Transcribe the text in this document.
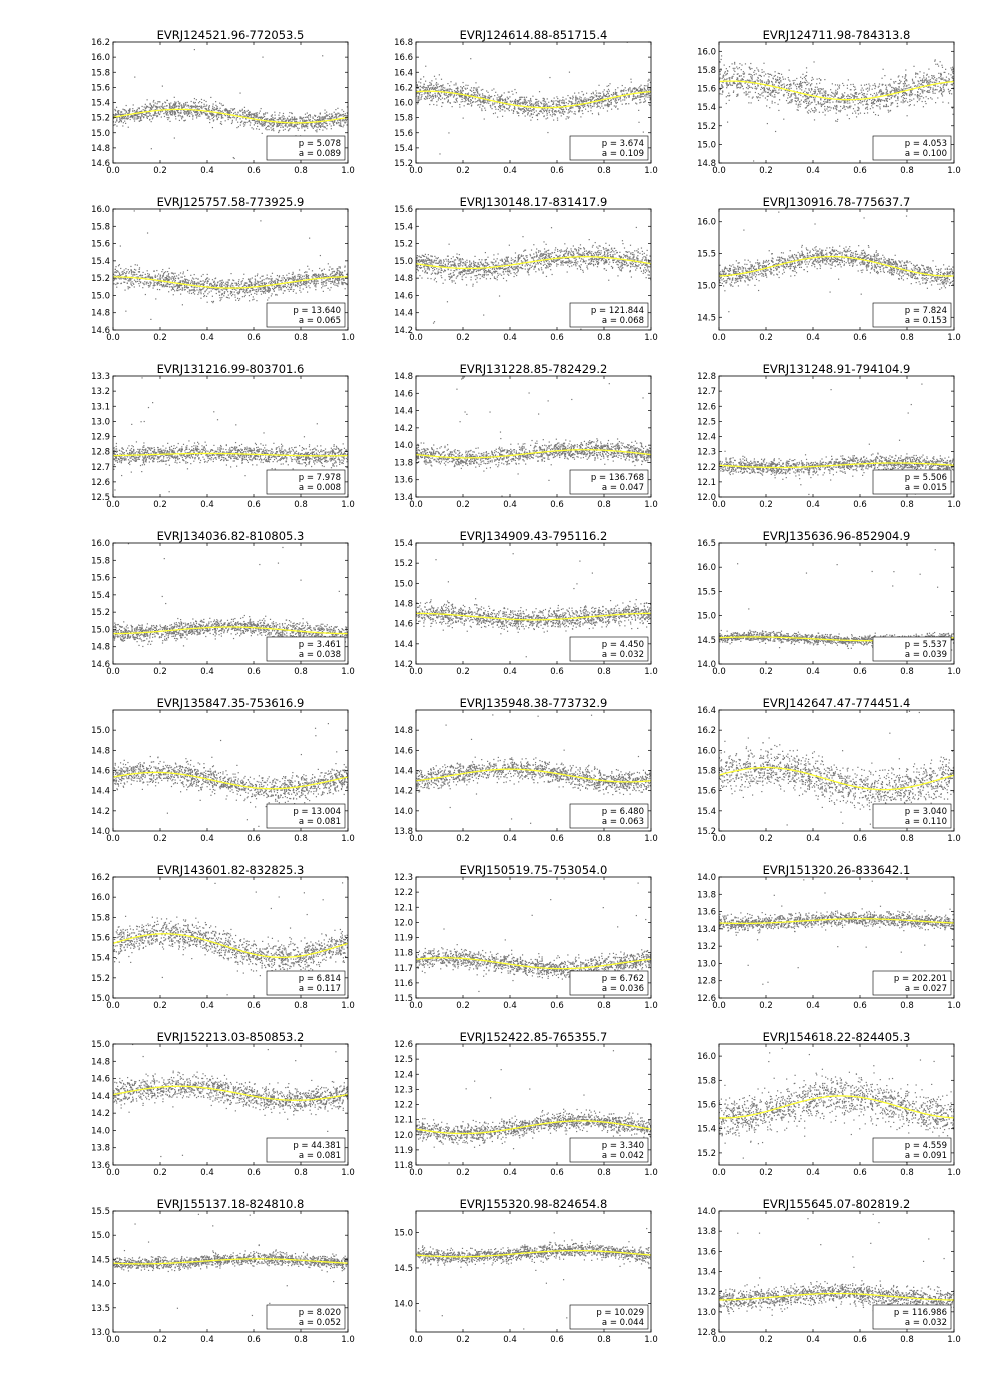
0.0	0.2	0.4	0.6	0.8	1.0
14.6
14.8
15.0
15.2
15.4
15.6
15.8
16.0
16.2
EVRJ124521.96-772053.5
p = 5.078
a = 0.089
0.0	0.2	0.4	0.6	0.8	1.0
15.2
15.4
15.6
15.8
16.0
16.2
16.4
16.6
16.8
EVRJ124614.88-851715.4
p = 3.674
a = 0.109
0.0	0.2	0.4	0.6	0.8	1.0
14.8
15.0
15.2
15.4
15.6
15.8
16.0
EVRJ124711.98-784313.8
p = 4.053
a = 0.100
0.0	0.2	0.4	0.6	0.8	1.0
14.6
14.8
15.0
15.2
15.4
15.6
15.8
16.0
EVRJ125757.58-773925.9
p = 13.640
a = 0.065
0.0	0.2	0.4	0.6	0.8	1.0
14.2
14.4
14.6
14.8
15.0
15.2
15.4
15.6
EVRJ130148.17-831417.9
p = 121.844
a = 0.068
0.0	0.2	0.4	0.6	0.8	1.0
14.5
15.0
15.5
16.0
EVRJ130916.78-775637.7
p = 7.824
a = 0.153
0.0	0.2	0.4	0.6	0.8	1.0
12.5
12.6
12.7
12.8
12.9
13.0
13.1
13.2
13.3
EVRJ131216.99-803701.6
p = 7.978
a = 0.008
0.0	0.2	0.4	0.6	0.8	1.0
13.4
13.6
13.8
14.0
14.2
14.4
14.6
14.8
EVRJ131228.85-782429.2
p = 136.768
a = 0.047
0.0	0.2	0.4	0.6	0.8	1.0
12.0
12.1
12.2
12.3
12.4
12.5
12.6
12.7
12.8
EVRJ131248.91-794104.9
p = 5.506
a = 0.015
0.0	0.2	0.4	0.6	0.8	1.0
14.6
14.8
15.0
15.2
15.4
15.6
15.8
16.0
EVRJ134036.82-810805.3
p = 3.461
a = 0.038
0.0	0.2	0.4	0.6	0.8	1.0
14.2
14.4
14.6
14.8
15.0
15.2
15.4
EVRJ134909.43-795116.2
p = 4.450
a = 0.032
0.0	0.2	0.4	0.6	0.8	1.0
14.0
14.5
15.0
15.5
16.0
16.5
EVRJ135636.96-852904.9
p = 5.537
a = 0.039
0.0	0.2	0.4	0.6	0.8	1.0
14.0
14.2
14.4
14.6
14.8
15.0
EVRJ135847.35-753616.9
p = 13.004
a = 0.081
0.0	0.2	0.4	0.6	0.8	1.0
13.8
14.0
14.2
14.4
14.6
14.8
EVRJ135948.38-773732.9
p = 6.480
a = 0.063
0.0	0.2	0.4	0.6	0.8	1.0
15.2
15.4
15.6
15.8
16.0
16.2
16.4
EVRJ142647.47-774451.4
p = 3.040
a = 0.110
0.0	0.2	0.4	0.6	0.8	1.0
15.0
15.2
15.4
15.6
15.8
16.0
16.2
EVRJ143601.82-832825.3
p = 6.814
a = 0.117
0.0	0.2	0.4	0.6	0.8	1.0
11.5
11.6
11.7
11.8
11.9
12.0
12.1
12.2
12.3
EVRJ150519.75-753054.0
p = 6.762
a = 0.036
0.0	0.2	0.4	0.6	0.8	1.0
12.6
12.8
13.0
13.2
13.4
13.6
13.8
14.0
EVRJ151320.26-833642.1
p = 202.201
a = 0.027
0.0	0.2	0.4	0.6	0.8	1.0
13.6
13.8
14.0
14.2
14.4
14.6
14.8
15.0
EVRJ152213.03-850853.2
p = 44.381
a = 0.081
0.0	0.2	0.4	0.6	0.8	1.0
11.8
11.9
12.0
12.1
12.2
12.3
12.4
12.5
12.6
EVRJ152422.85-765355.7
p = 3.340
a = 0.042
0.0	0.2	0.4	0.6	0.8	1.0
15.2
15.4
15.6
15.8
16.0
EVRJ154618.22-824405.3
p = 4.559
a = 0.091
0.0	0.2	0.4	0.6	0.8	1.0
13.0
13.5
14.0
14.5
15.0
15.5
EVRJ155137.18-824810.8
p = 8.020
a = 0.052
0.0	0.2	0.4	0.6	0.8	1.0
14.0
14.5
15.0
EVRJ155320.98-824654.8
p = 10.029
a = 0.044
0.0	0.2	0.4	0.6	0.8	1.0
12.8
13.0
13.2
13.4
13.6
13.8
14.0
EVRJ155645.07-802819.2
p = 116.986
a = 0.032
